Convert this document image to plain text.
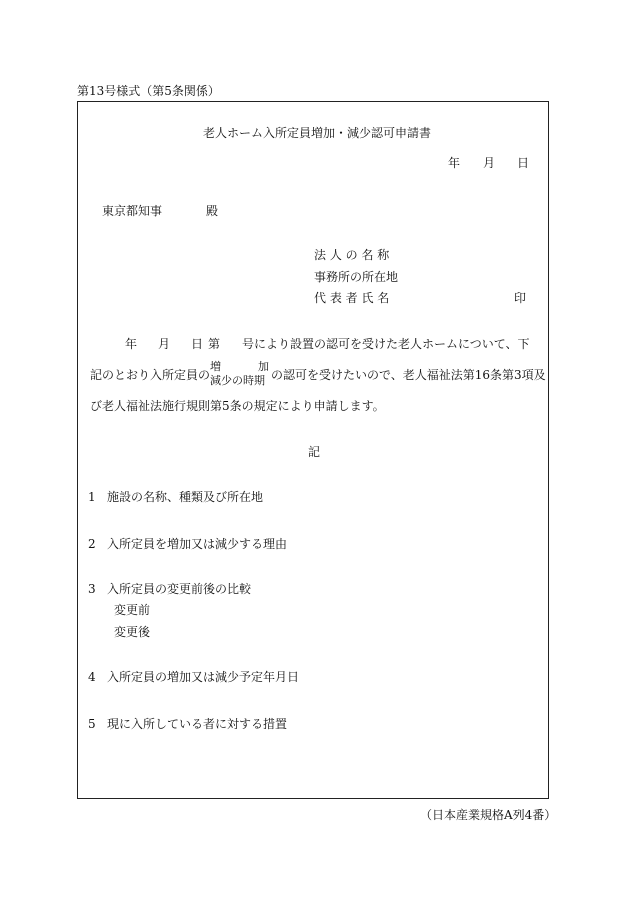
第13号様式（第5条関係）
老人ホーム入所定員増加・減少認可申請書
年 月 日
東京都知事	殿
法 人 の 名 称
事務所の所在地
代 表 者 氏 名	印
年 月 日 第 号により設置の認可を受けた老人ホームについて、下
記のとおり入所定員の
増	加
減少の時期 の認可を受けたいので、老人福祉法第16条第3項及
び老人福祉法施行規則第5条の規定により申請します。
記
1 施設の名称、種類及び所在地
2 入所定員を増加又は減少する理由
3 入所定員の変更前後の比較
変更前
変更後
4 入所定員の増加又は減少予定年月日
5 現に入所している者に対する措置
（日本産業規格A列4番）
